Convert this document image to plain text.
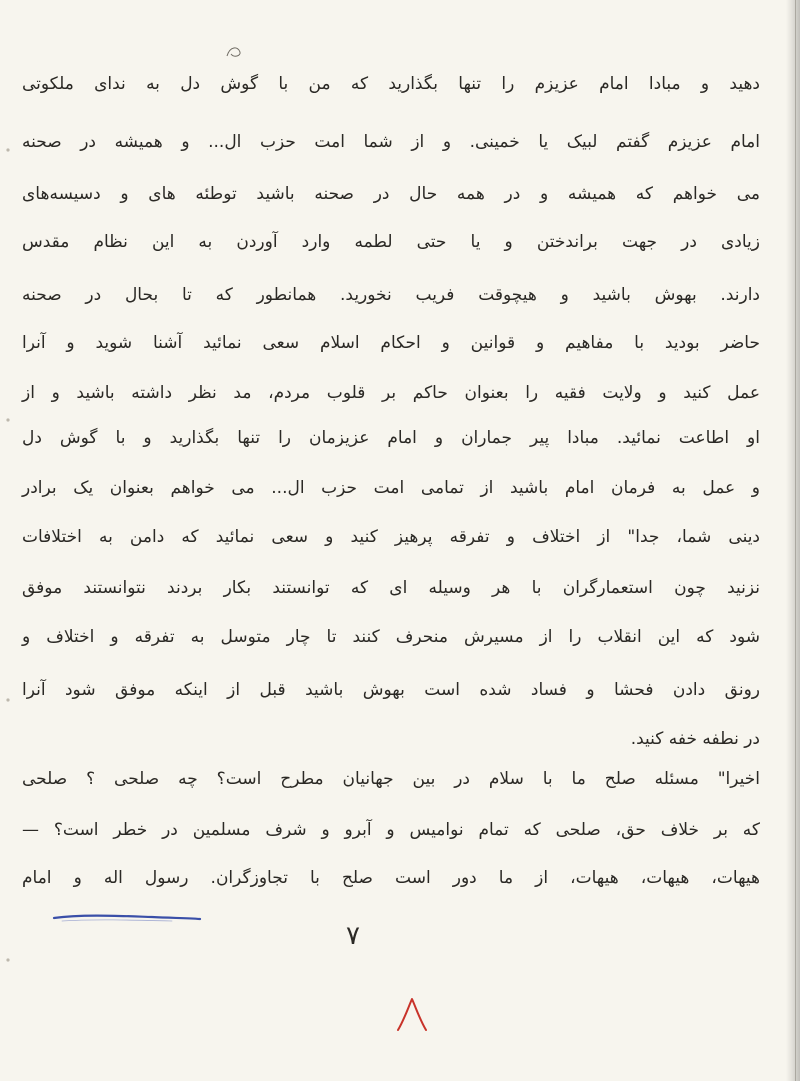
دهید و مبادا امام عزیزم را تنها بگذارید که من با گوش دل به ندای ملکوتی
امام عزیزم گفتم لبیک یا خمینی. و از شما امت حزب ال... و همیشه در صحنه
می خواهم که همیشه و در همه حال در صحنه باشید توطئه های و دسیسه‌های
زیادی در جهت براندختن و یا حتی لطمه وارد آوردن به این نظام مقدس
دارند. بهوش باشید و هیچوقت فریب نخورید. همانطور که تا بحال در صحنه
حاضر بودید با مفاهیم و قوانین و احکام اسلام سعی نمائید آشنا شوید و آنرا
عمل کنید و ولایت فقیه را بعنوان حاکم بر قلوب مردم، مد نظر داشته باشید و از
او اطاعت نمائید. مبادا پیر جماران و امام عزیزمان را تنها بگذارید و با گوش دل
و عمل به فرمان امام باشید از تمامی امت حزب ال... می خواهم بعنوان یک برادر
دینی شما، جدا" از اختلاف و تفرقه پرهیز کنید و سعی نمائید که دامن به اختلافات
نزنید چون استعمارگران با هر وسیله ای که توانستند بکار بردند نتوانستند موفق
شود که این انقلاب را از مسیرش منحرف کنند تا چار متوسل به تفرقه و اختلاف و
رونق دادن فحشا و فساد شده است بهوش باشید قبل از اینکه موفق شود آنرا
در نطفه خفه کنید.
اخیرا" مسئله صلح ما با سلام در بین جهانیان مطرح است؟ چه صلحی ؟ صلحی
که بر خلاف حق، صلحی که تمام نوامیس و آبرو و شرف مسلمین در خطر است؟ —
هیهات، هیهات، هیهات، از ما دور است صلح با تجاوزگران. رسول اله و امام
۷
